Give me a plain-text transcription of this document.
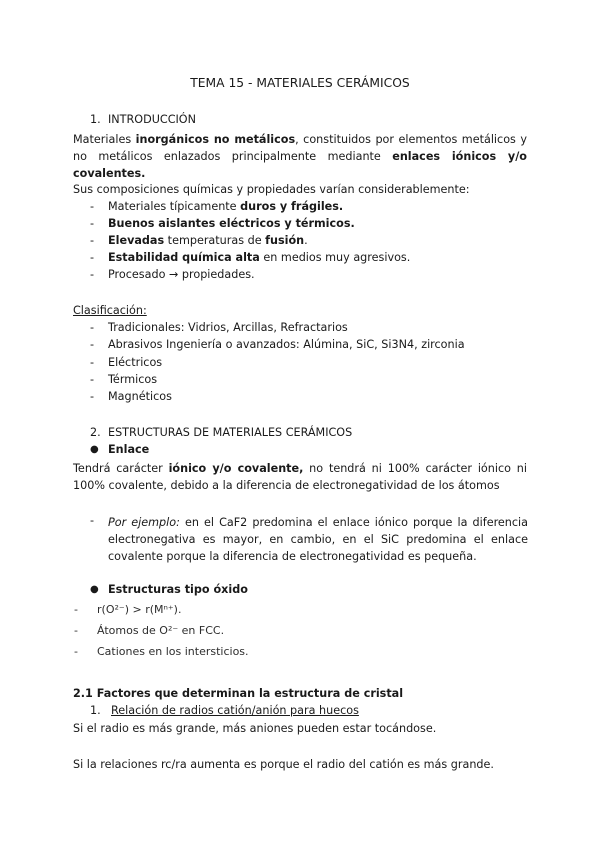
TEMA 15 - MATERIALES CERÁMICOS
1. INTRODUCCIÓN
Materiales inorgánicos no metálicos, constituidos por elementos metálicos y no metálicos enlazados principalmente mediante enlaces iónicos y/o covalentes.
Sus composiciones químicas y propiedades varían considerablemente:
- Materiales típicamente duros y frágiles.
- Buenos aislantes eléctricos y térmicos.
- Elevadas temperaturas de fusión.
- Estabilidad química alta en medios muy agresivos.
- Procesado → propiedades.
Clasificación:
- Tradicionales: Vidrios, Arcillas, Refractarios
- Abrasivos Ingeniería o avanzados: Alúmina, SiC, Si3N4, zirconia
- Eléctricos
- Térmicos
- Magnéticos
2. ESTRUCTURAS DE MATERIALES CERÁMICOS
● Enlace
Tendrá carácter iónico y/o covalente, no tendrá ni 100% carácter iónico ni 100% covalente, debido a la diferencia de electronegatividad de los átomos
- Por ejemplo: en el CaF2 predomina el enlace iónico porque la diferencia electronegativa es mayor, en cambio, en el SiC predomina el enlace covalente porque la diferencia de electronegatividad es pequeña.
● Estructuras tipo óxido
- r(O²⁻) > r(Mⁿ⁺).
- Átomos de O²⁻ en FCC.
- Cationes en los intersticios.
2.1 Factores que determinan la estructura de cristal
1. Relación de radios catión/anión para huecos
Si el radio es más grande, más aniones pueden estar tocándose.
Si la relaciones rc/ra aumenta es porque el radio del catión es más grande.
